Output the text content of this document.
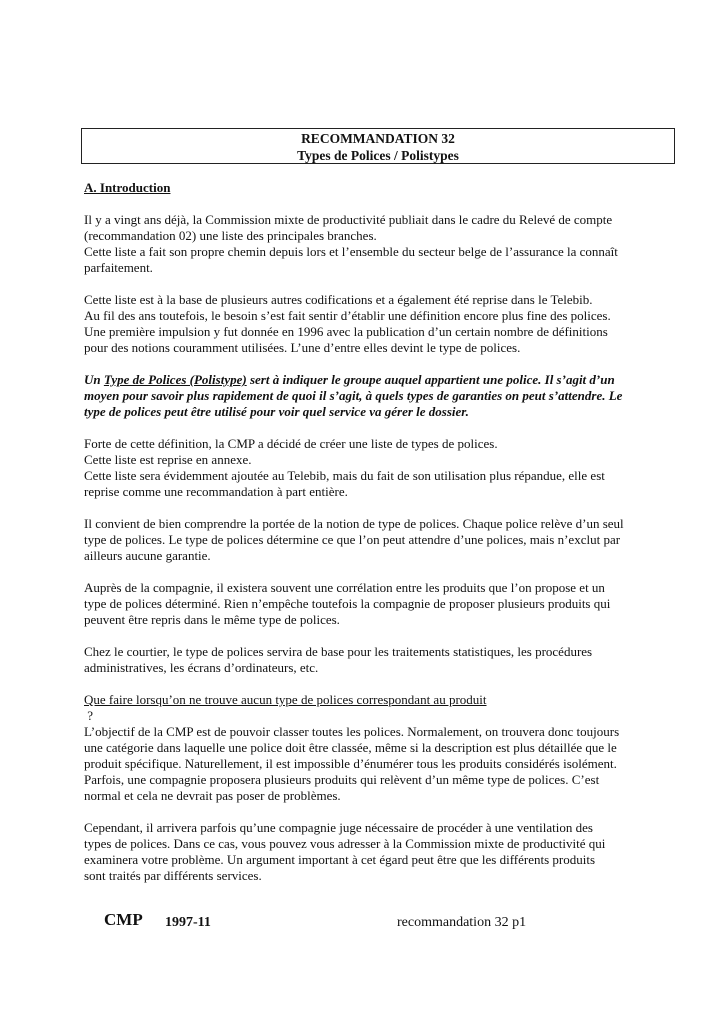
RECOMMANDATION 32
Types de Polices / Polistypes

A. Introduction

Il y a vingt ans déjà, la Commission mixte de productivité publiait dans le cadre du Relevé de compte
(recommandation 02) une liste des principales branches.
Cette liste a fait son propre chemin depuis lors et l’ensemble du secteur belge de l’assurance la connaît
parfaitement.

Cette liste est à la base de plusieurs autres codifications et a également été reprise dans le Telebib.
Au fil des ans toutefois, le besoin s’est fait sentir d’établir une définition encore plus fine des polices.
Une première impulsion y fut donnée en 1996 avec la publication d’un certain nombre de définitions
pour des notions couramment utilisées. L’une d’entre elles devint le type de polices.

Un Type de Polices (Polistype) sert à indiquer le groupe auquel appartient une police. Il s’agit d’un
moyen pour savoir plus rapidement de quoi il s’agit, à quels types de garanties on peut s’attendre. Le
type de polices peut être utilisé pour voir quel service va gérer le dossier.

Forte de cette définition, la CMP a décidé de créer une liste de types de polices.
Cette liste est reprise en annexe.
Cette liste sera évidemment ajoutée au Telebib, mais du fait de son utilisation plus répandue, elle est
reprise comme une recommandation à part entière.

Il convient de bien comprendre la portée de la notion de type de polices. Chaque police relève d’un seul
type de polices. Le type de polices détermine ce que l’on peut attendre d’une polices, mais n’exclut par
ailleurs aucune garantie.

Auprès de la compagnie, il existera souvent une corrélation entre les produits que l’on propose et un
type de polices déterminé. Rien n’empêche toutefois la compagnie de proposer plusieurs produits qui
peuvent être repris dans le même type de polices.

Chez le courtier, le type de polices servira de base pour les traitements statistiques, les procédures
administratives, les écrans d’ordinateurs, etc.

Que faire lorsqu’on ne trouve aucun type de polices correspondant au produit
?

L’objectif de la CMP est de pouvoir classer toutes les polices. Normalement, on trouvera donc toujours
une catégorie dans laquelle une police doit être classée, même si la description est plus détaillée que le
produit spécifique. Naturellement, il est impossible d’énumérer tous les produits considérés isolément.
Parfois, une compagnie proposera plusieurs produits qui relèvent d’un même type de polices. C’est
normal et cela ne devrait pas poser de problèmes.

Cependant, il arrivera parfois qu’une compagnie juge nécessaire de procéder à une ventilation des
types de polices. Dans ce cas, vous pouvez vous adresser à la Commission mixte de productivité qui
examinera votre problème. Un argument important à cet égard peut être que les différents produits
sont traités par différents services.

CMP 1997-11	recommandation 32 p1
